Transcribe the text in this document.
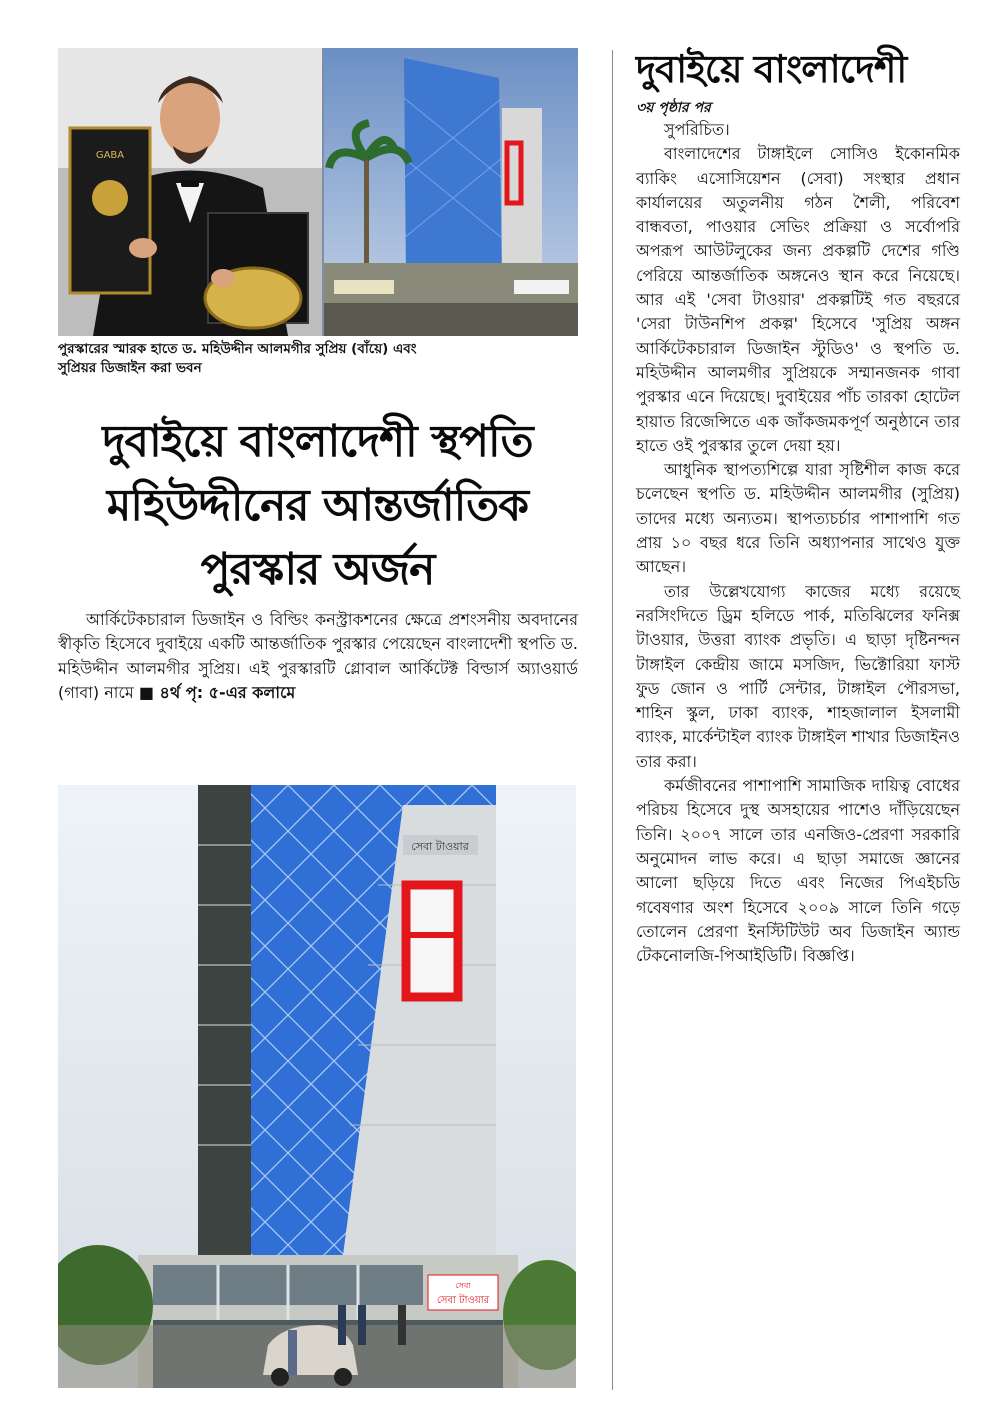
GABA
পুরস্কারের স্মারক হাতে ড. মহিউদ্দীন আলমগীর সুপ্রিয় (বাঁয়ে) এবং
সুপ্রিয়র ডিজাইন করা ভবন
দুবাইয়ে বাংলাদেশী স্থপতি
মহিউদ্দীনের আন্তর্জাতিক
পুরস্কার অর্জন
আর্কিটেকচারাল ডিজাইন ও বিল্ডিং কনস্ট্রাকশনের ক্ষেত্রে প্রশংসনীয় অবদানের স্বীকৃতি হিসেবে দুবাইয়ে একটি আন্তর্জাতিক পুরস্কার পেয়েছেন বাংলাদেশী স্থপতি ড. মহিউদ্দীন আলমগীর সুপ্রিয়। এই পুরস্কারটি গ্লোবাল আর্কিটেক্ট বিল্ডার্স অ্যাওয়ার্ড (গাবা) নামে ■ ৪র্থ পৃ: ৫-এর কলামে
সেবা টাওয়ার
সেবা
সেবা টাওয়ার
দুবাইয়ে বাংলাদেশী
৩য় পৃষ্ঠার পর

সুপরিচিত।

বাংলাদেশের টাঙ্গাইলে সোসিও ইকোনমিক ব্যাকিং এসোসিয়েশন (সেবা) সংস্থার প্রধান কার্যালয়ের অতুলনীয় গঠন শৈলী, পরিবেশ বান্ধবতা, পাওয়ার সেভিং প্রক্রিয়া ও সর্বোপরি অপরূপ আউটলুকের জন্য প্রকল্পটি দেশের গণ্ডি পেরিয়ে আন্তর্জাতিক অঙ্গনেও স্থান করে নিয়েছে। আর এই 'সেবা টাওয়ার' প্রকল্পটিই গত বছররে 'সেরা টাউনশিপ প্রকল্প' হিসেবে 'সুপ্রিয় অঙ্গন আর্কিটেকচারাল ডিজাইন স্টুডিও' ও স্থপতি ড. মহিউদ্দীন আলমগীর সুপ্রিয়কে সম্মানজনক গাবা পুরস্কার এনে দিয়েছে। দুবাইয়ের পাঁচ তারকা হোটেল হায়াত রিজেন্সিতে এক জাঁকজমকপূর্ণ অনুষ্ঠানে তার হাতে ওই পুরস্কার তুলে দেয়া হয়।

আধুনিক স্থাপত্যশিল্পে যারা সৃষ্টিশীল কাজ করে চলেছেন স্থপতি ড. মহিউদ্দীন আলমগীর (সুপ্রিয়) তাদের মধ্যে অন্যতম। স্থাপত্যচর্চার পাশাপাশি গত প্রায় ১০ বছর ধরে তিনি অধ্যাপনার সাথেও যুক্ত আছেন।

তার উল্লেখযোগ্য কাজের মধ্যে রয়েছে নরসিংদিতে ড্রিম হলিডে পার্ক, মতিঝিলের ফনিক্স টাওয়ার, উত্তরা ব্যাংক প্রভৃতি। এ ছাড়া দৃষ্টিনন্দন টাঙ্গাইল কেন্দ্রীয় জামে মসজিদ, ভিক্টোরিয়া ফাস্ট ফুড জোন ও পার্টি সেন্টার, টাঙ্গাইল পৌরসভা, শাহিন স্কুল, ঢাকা ব্যাংক, শাহজালাল ইসলামী ব্যাংক, মার্কেন্টাইল ব্যাংক টাঙ্গাইল শাখার ডিজাইনও তার করা।

কর্মজীবনের পাশাপাশি সামাজিক দায়িত্ব বোধের পরিচয় হিসেবে দুস্থ অসহায়ের পাশেও দাঁড়িয়েছেন তিনি। ২০০৭ সালে তার এনজিও-প্রেরণা সরকারি অনুমোদন লাভ করে। এ ছাড়া সমাজে জ্ঞানের আলো ছড়িয়ে দিতে এবং নিজের পিএইচডি গবেষণার অংশ হিসেবে ২০০৯ সালে তিনি গড়ে তোলেন প্রেরণা ইনস্টিটিউট অব ডিজাইন অ্যান্ড টেকনোলজি-পিআইডিটি। বিজ্ঞপ্তি।
